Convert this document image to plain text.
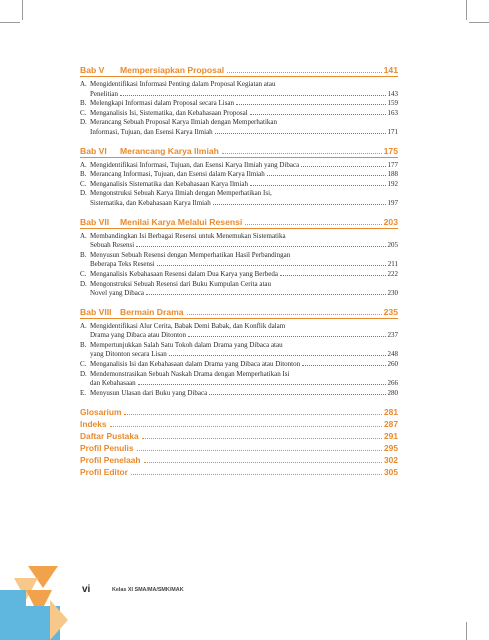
Bab V	Mempersiapkan Proposal	141
A. Mengidentifikasi Informasi Penting dalam Proposal Kegiatan atau
Penelitian	143
B. Melengkapi Informasi dalam Proposal secara Lisan	159
C. Menganalisis Isi, Sistematika, dan Kebahasaan Proposal	163
D. Merancang Sebuah Proposal Karya Ilmiah dengan Memperhatikan
Informasi, Tujuan, dan Esensi Karya Ilmiah	171
Bab VI	Merancang Karya Ilmiah	175
A. Mengidentifikasi Informasi, Tujuan, dan Esensi Karya Ilmiah yang Dibaca	177
B. Merancang Informasi, Tujuan, dan Esensi dalam Karya Ilmiah	188
C. Menganalisis Sistematika dan Kebahasaan Karya Ilmiah	192
D. Mengonstruksi Sebuah Karya Ilmiah dengan Memperhatikan Isi,
Sistematika, dan Kebahasaan Karya Ilmiah	197
Bab VII	Menilai Karya Melalui Resensi	203
A. Membandingkan Isi Berbagai Resensi untuk Menemukan Sistematika
Sebuah Resensi	205
B. Menyusun Sebuah Resensi dengan Memperhatikan Hasil Perbandingan
Beberapa Teks Resensi	211
C. Menganalisis Kebahasaan Resensi dalam Dua Karya yang Berbeda	222
D. Mengonstruksi Sebuah Resensi dari Buku Kumpulan Cerita atau
Novel yang Dibaca	230
Bab VIII Bermain Drama	235
A. Mengidentifikasi Alur Cerita, Babak Demi Babak, dan Konflik dalam
Drama yang Dibaca atau Ditonton	237
B. Mempertunjukkan Salah Satu Tokoh dalam Drama yang Dibaca atau
yang Ditonton secara Lisan	248
C. Menganalisis Isi dan Kebahasaan dalam Drama yang Dibaca atau Ditonton	260
D. Mendemonstrasikan Sebuah Naskah Drama dengan Memperhatikan Isi
dan Kebahasaan	266
E. Menyusun Ulasan dari Buku yang Dibaca	280
Glosarium	281
Indeks	287
Daftar Pustaka	291
Profil Penulis	295
Profil Penelaah	302
Profil Editor	305
vi	Kelas XI SMA/MA/SMK/MAK
